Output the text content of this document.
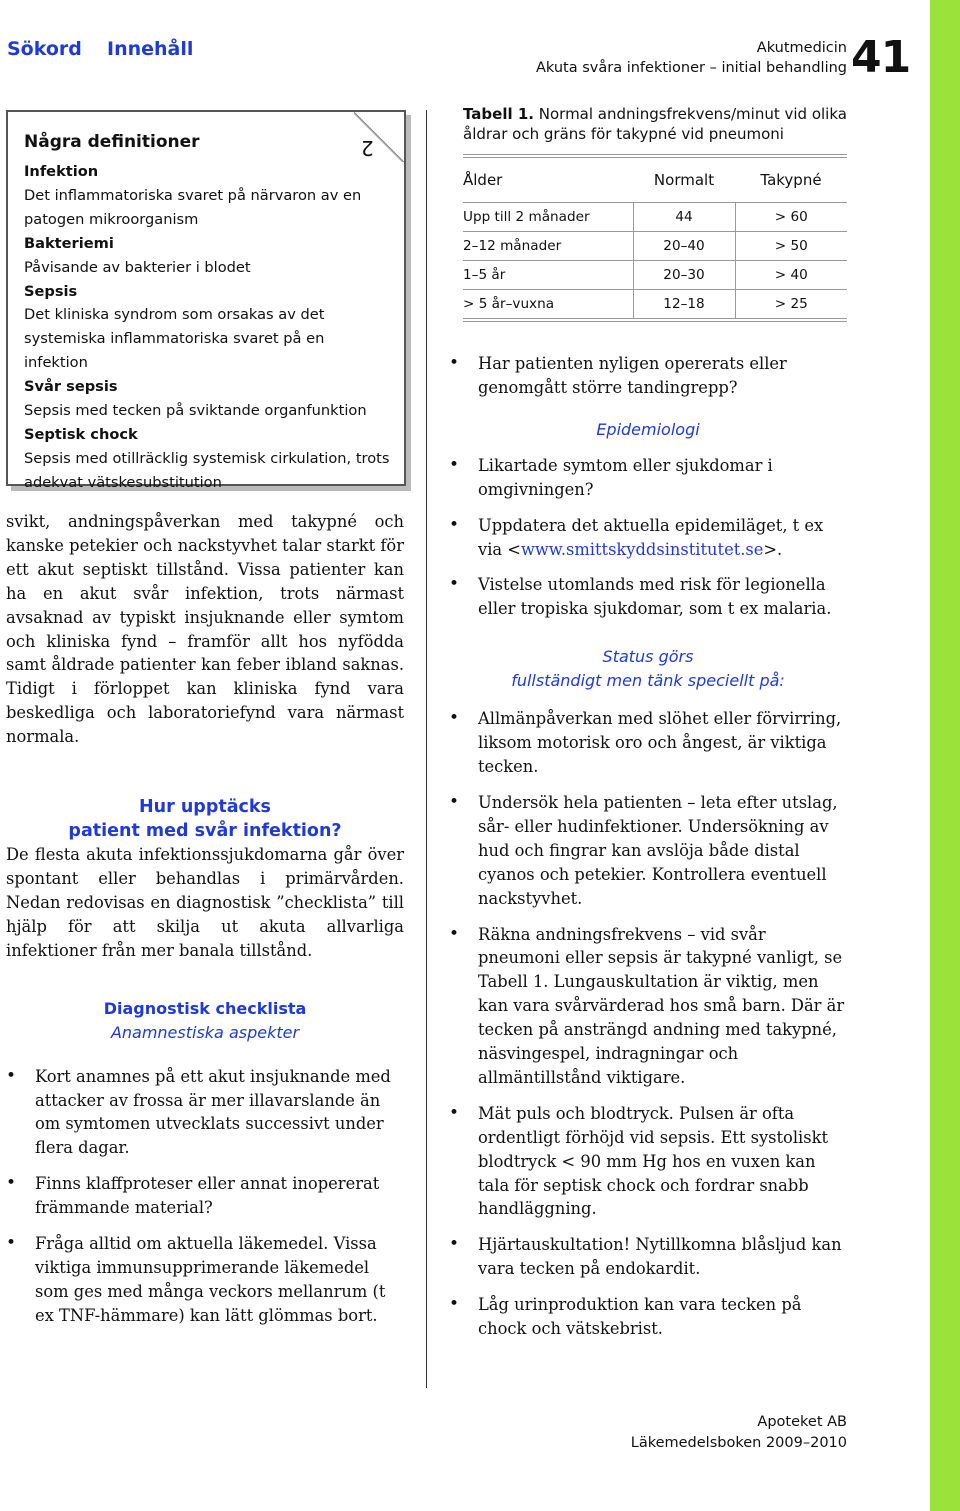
Sökord Innehåll	Akutmedicin
Akuta svåra infektioner – initial behandling 41
2
Några definitioner
Infektion
Det inflammatoriska svaret på närvaron av en patogen mikroorganism
Bakteriemi
Påvisande av bakterier i blodet
Sepsis
Det kliniska syndrom som orsakas av det systemiska inflammatoriska svaret på en infektion
Svår sepsis
Sepsis med tecken på sviktande organfunktion
Septisk chock
Sepsis med otillräcklig systemisk cirkulation, trots adekvat vätskesubstitution

svikt, andningspåverkan med takypné och kanske petekier och nackstyvhet talar starkt för ett akut septiskt tillstånd. Vissa patienter kan ha en akut svår infektion, trots närmast avsaknad av typiskt insjuknande eller symtom och kliniska fynd – framför allt hos nyfödda samt åldrade patienter kan feber ibland saknas. Tidigt i förloppet kan kliniska fynd vara beskedliga och laboratoriefynd vara närmast normala.

Hur upptäcks

patient med svår infektion?

De flesta akuta infektionssjukdomarna går över spontant eller behandlas i primärvården. Nedan redovisas en diagnostisk ”checklista” till hjälp för att skilja ut akuta allvarliga infektioner från mer banala tillstånd.

Diagnostisk checklista

Anamnestiska aspekter

• Kort anamnes på ett akut insjuknande med attacker av frossa är mer illavarslande än om symtomen utvecklats successivt under flera dagar.
• Finns klaffproteser eller annat inopererat främmande material?
• Fråga alltid om aktuella läkemedel. Vissa viktiga immunsupprimerande läkemedel som ges med många veckors mellanrum (t ex TNF-hämmare) kan lätt glömmas bort.

Tabell 1. Normal andningsfrekvens/minut vid olika åldrar och gräns för takypné vid pneumoni

Ålder	Normalt	Takypné
Upp till 2 månader	44	> 60
2–12 månader	20–40	> 50
1–5 år	20–30	> 40
> 5 år–vuxna	12–18	> 25
• Har patienten nyligen opererats eller genomgått större tandingrepp?

Epidemiologi

• Likartade symtom eller sjukdomar i omgivningen?
• Uppdatera det aktuella epidemiläget, t ex via <www.smittskyddsinstitutet.se>.
• Vistelse utomlands med risk för legionella eller tropiska sjukdomar, som t ex malaria.

Status görs

fullständigt men tänk speciellt på:

• Allmänpåverkan med slöhet eller förvirring, liksom motorisk oro och ångest, är viktiga tecken.
• Undersök hela patienten – leta efter utslag, sår- eller hudinfektioner. Undersökning av hud och fingrar kan avslöja både distal cyanos och petekier. Kontrollera eventuell nackstyvhet.
• Räkna andningsfrekvens – vid svår pneumoni eller sepsis är takypné vanligt, se Tabell 1. Lungauskultation är viktig, men kan vara svårvärderad hos små barn. Där är tecken på ansträngd andning med takypné, näsvingespel, indragningar och allmäntillstånd viktigare.
• Mät puls och blodtryck. Pulsen är ofta ordentligt förhöjd vid sepsis. Ett systoliskt blodtryck < 90 mm Hg hos en vuxen kan tala för septisk chock och fordrar snabb handläggning.
• Hjärtauskultation! Nytillkomna blåsljud kan vara tecken på endokardit.
• Låg urinproduktion kan vara tecken på chock och vätskebrist.
Apoteket AB
Läkemedelsboken 2009–2010
